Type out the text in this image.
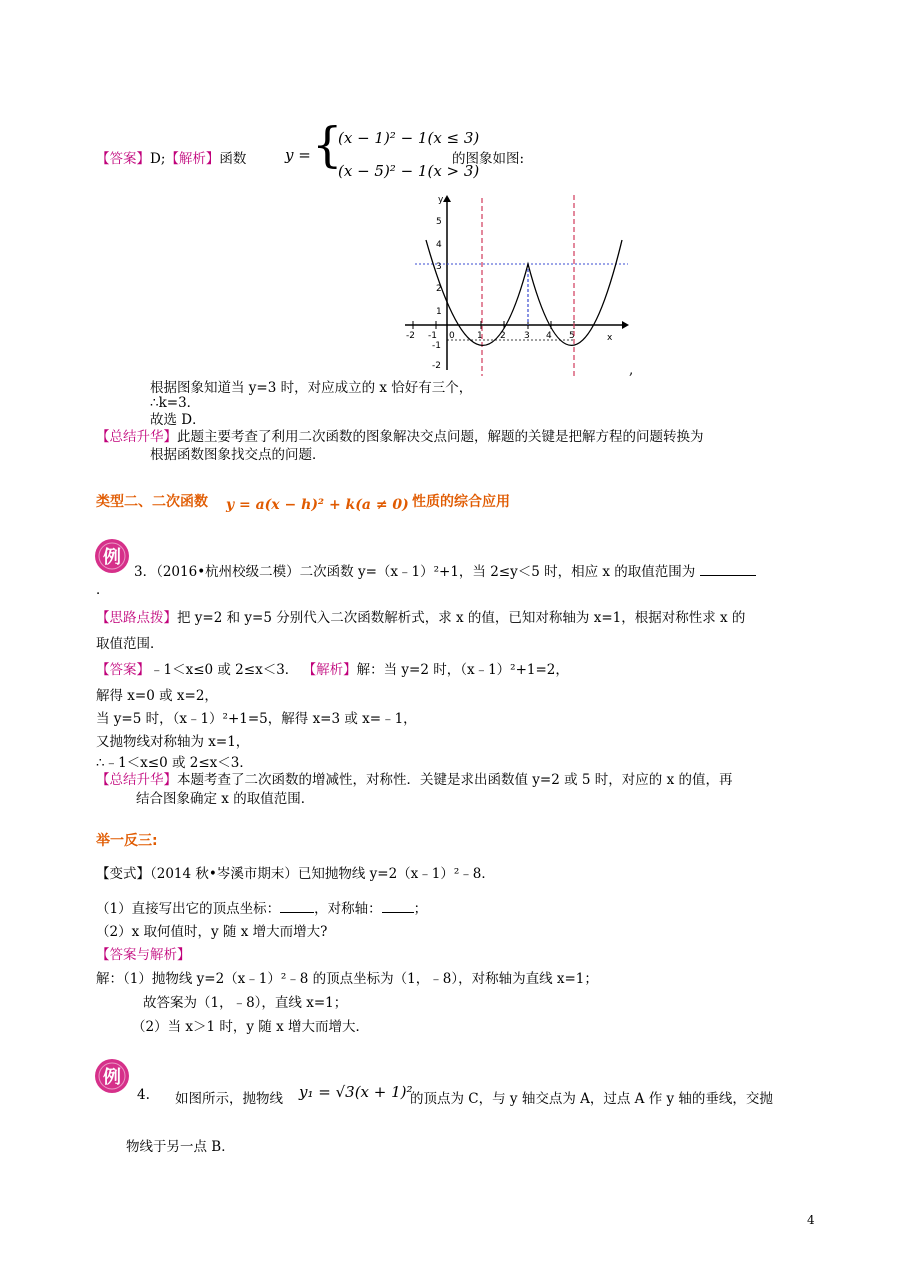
【答案】D;【解析】函数	y = {
(x − 1)² − 1(x ≤ 3)
(x − 5)² − 1(x > 3)
的图象如图:
y
x
-2 -1 0 1 2 3 4 5
5
4
3
2
1
-1
-2	,
根据图象知道当 y=3 时，对应成立的 x 恰好有三个，
∴k=3．
故选 D．
【总结升华】此题主要考查了利用二次函数的图象解决交点问题，解题的关键是把解方程的问题转换为
根据函数图象找交点的问题．
类型二、二次函数 y = a(x − h)² + k(a ≠ 0) 性质的综合应用
例
3．（2016•杭州校级二模）二次函数 y=（x﹣1）²+1，当 2≤y＜5 时，相应 x 的取值范围为
．
【思路点拨】把 y=2 和 y=5 分别代入二次函数解析式，求 x 的值，已知对称轴为 x=1，根据对称性求 x 的
取值范围．
【答案】﹣1＜x≤0 或 2≤x＜3． 【解析】解：当 y=2 时，（x﹣1）²+1=2，
解得 x=0 或 x=2，
当 y=5 时，（x﹣1）²+1=5，解得 x=3 或 x=﹣1，
又抛物线对称轴为 x=1，
∴﹣1＜x≤0 或 2≤x＜3．
【总结升华】本题考查了二次函数的增减性，对称性．关键是求出函数值 y=2 或 5 时，对应的 x 的值，再
结合图象确定 x 的取值范围．
举一反三:
【变式】（2014 秋•岑溪市期末）已知抛物线 y=2（x﹣1）²﹣8．
（1）直接写出它的顶点坐标：	，对称轴： ；
（2）x 取何值时，y 随 x 增大而增大?
【答案与解析】
解：（1）抛物线 y=2（x﹣1）²﹣8 的顶点坐标为（1，﹣8），对称轴为直线 x=1；
故答案为（1，﹣8），直线 x=1；
（2）当 x＞1 时，y 随 x 增大而增大．
例
4. 如图所示，抛物线 y₁ = √3(x + 1)²
的顶点为 C，与 y 轴交点为 A，过点 A 作 y 轴的垂线，交抛
物线于另一点 B．
4
